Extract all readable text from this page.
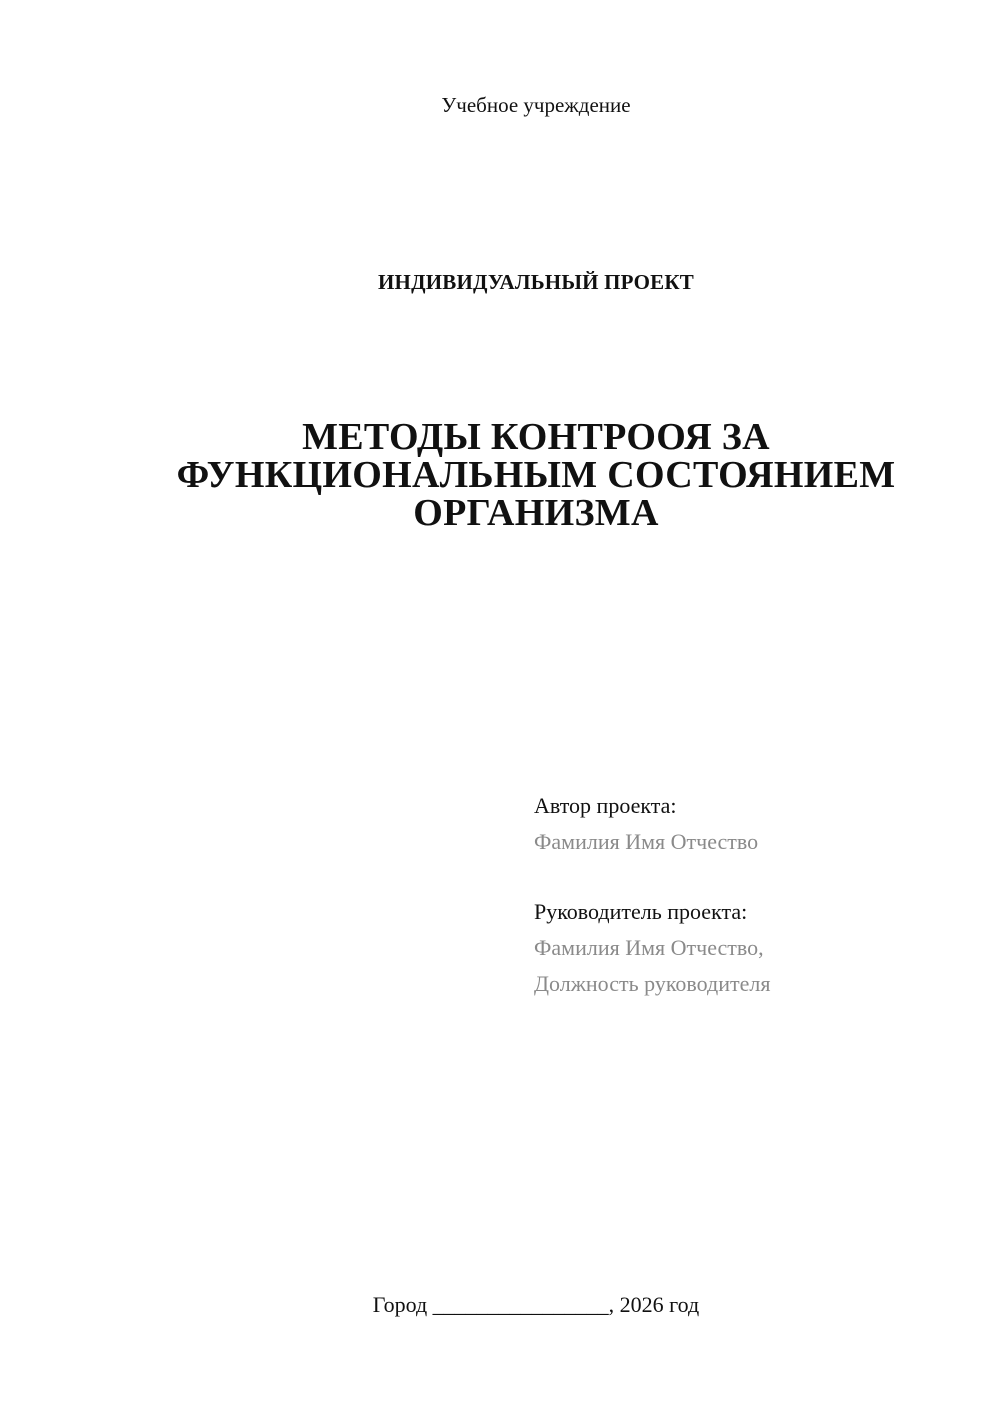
Учебное учреждение
ИНДИВИДУАЛЬНЫЙ ПРОЕКТ
МЕТОДЫ КОНТРООЯ ЗА
ФУНКЦИОНАЛЬНЫМ СОСТОЯНИЕМ
ОРГАНИЗМА
Автор проекта:
Фамилия Имя Отчество
Руководитель проекта:
Фамилия Имя Отчество,
Должность руководителя
Город ________________, 2026 год
